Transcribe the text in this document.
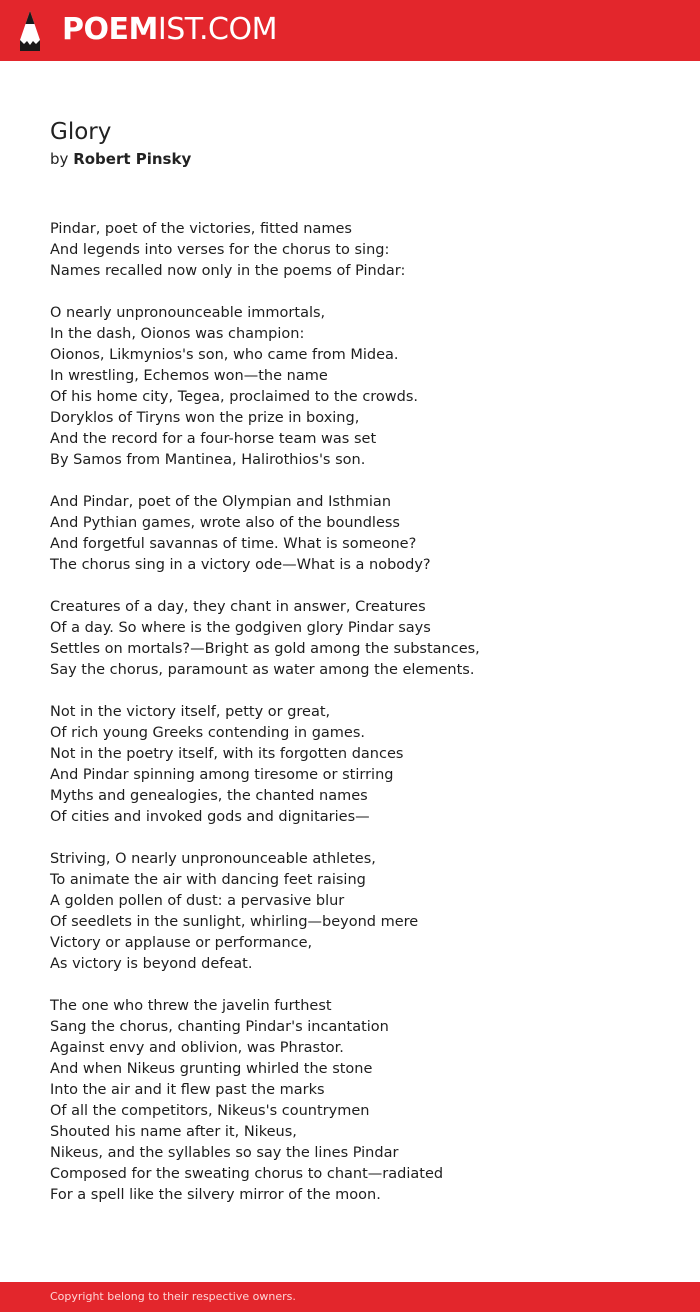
POEMIST.COM
Glory
by Robert Pinsky
Pindar, poet of the victories, fitted names
And legends into verses for the chorus to sing:
Names recalled now only in the poems of Pindar:
O nearly unpronounceable immortals,
In the dash, Oionos was champion:
Oionos, Likmynios's son, who came from Midea.
In wrestling, Echemos won—the name
Of his home city, Tegea, proclaimed to the crowds.
Doryklos of Tiryns won the prize in boxing,
And the record for a four-horse team was set
By Samos from Mantinea, Halirothios's son.
And Pindar, poet of the Olympian and Isthmian
And Pythian games, wrote also of the boundless
And forgetful savannas of time. What is someone?
The chorus sing in a victory ode—What is a nobody?
Creatures of a day, they chant in answer, Creatures
Of a day. So where is the godgiven glory Pindar says
Settles on mortals?—Bright as gold among the substances,
Say the chorus, paramount as water among the elements.
Not in the victory itself, petty or great,
Of rich young Greeks contending in games.
Not in the poetry itself, with its forgotten dances
And Pindar spinning among tiresome or stirring
Myths and genealogies, the chanted names
Of cities and invoked gods and dignitaries—
Striving, O nearly unpronounceable athletes,
To animate the air with dancing feet raising
A golden pollen of dust: a pervasive blur
Of seedlets in the sunlight, whirling—beyond mere
Victory or applause or performance,
As victory is beyond defeat.
The one who threw the javelin furthest
Sang the chorus, chanting Pindar's incantation
Against envy and oblivion, was Phrastor.
And when Nikeus grunting whirled the stone
Into the air and it flew past the marks
Of all the competitors, Nikeus's countrymen
Shouted his name after it, Nikeus,
Nikeus, and the syllables so say the lines Pindar
Composed for the sweating chorus to chant—radiated
For a spell like the silvery mirror of the moon.
Copyright belong to their respective owners.
